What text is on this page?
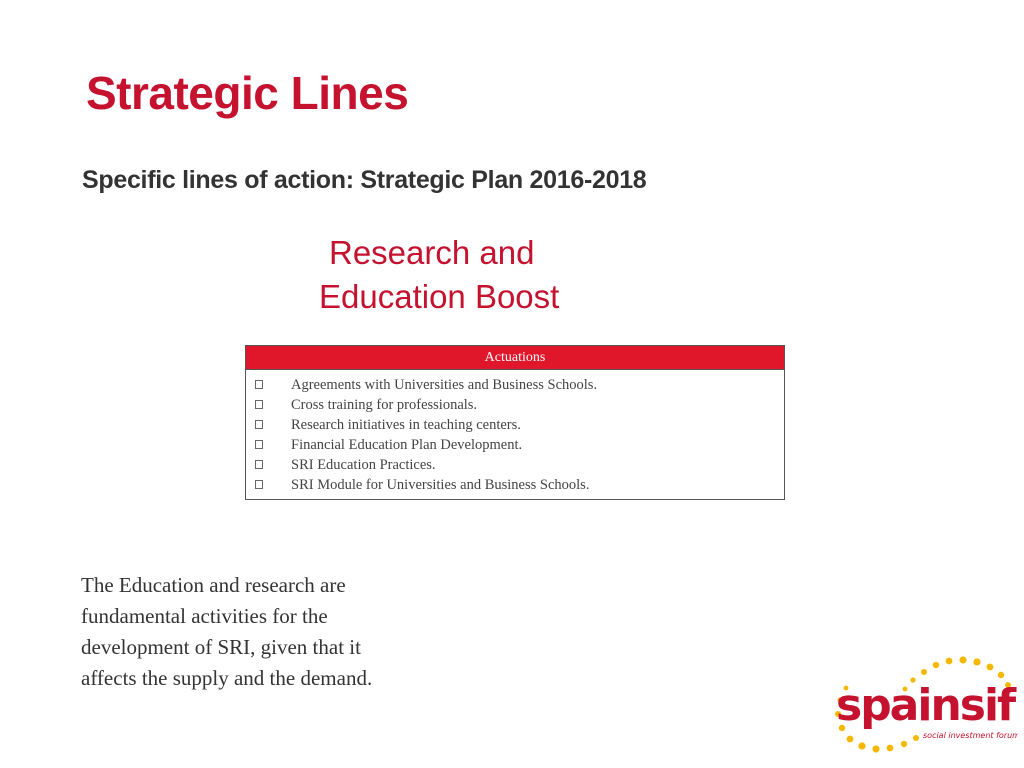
Strategic Lines
Specific lines of action: Strategic Plan 2016-2018
Research and
Education Boost
Actuations
Agreements with Universities and Business Schools.
Cross training for professionals.
Research initiatives in teaching centers.
Financial Education Plan Development.
SRI Education Practices.
SRI Module for Universities and Business Schools.
The Education and research are
fundamental activities for the
development of SRI, given that it
affects the supply and the demand.
spainsif
social investment forum
